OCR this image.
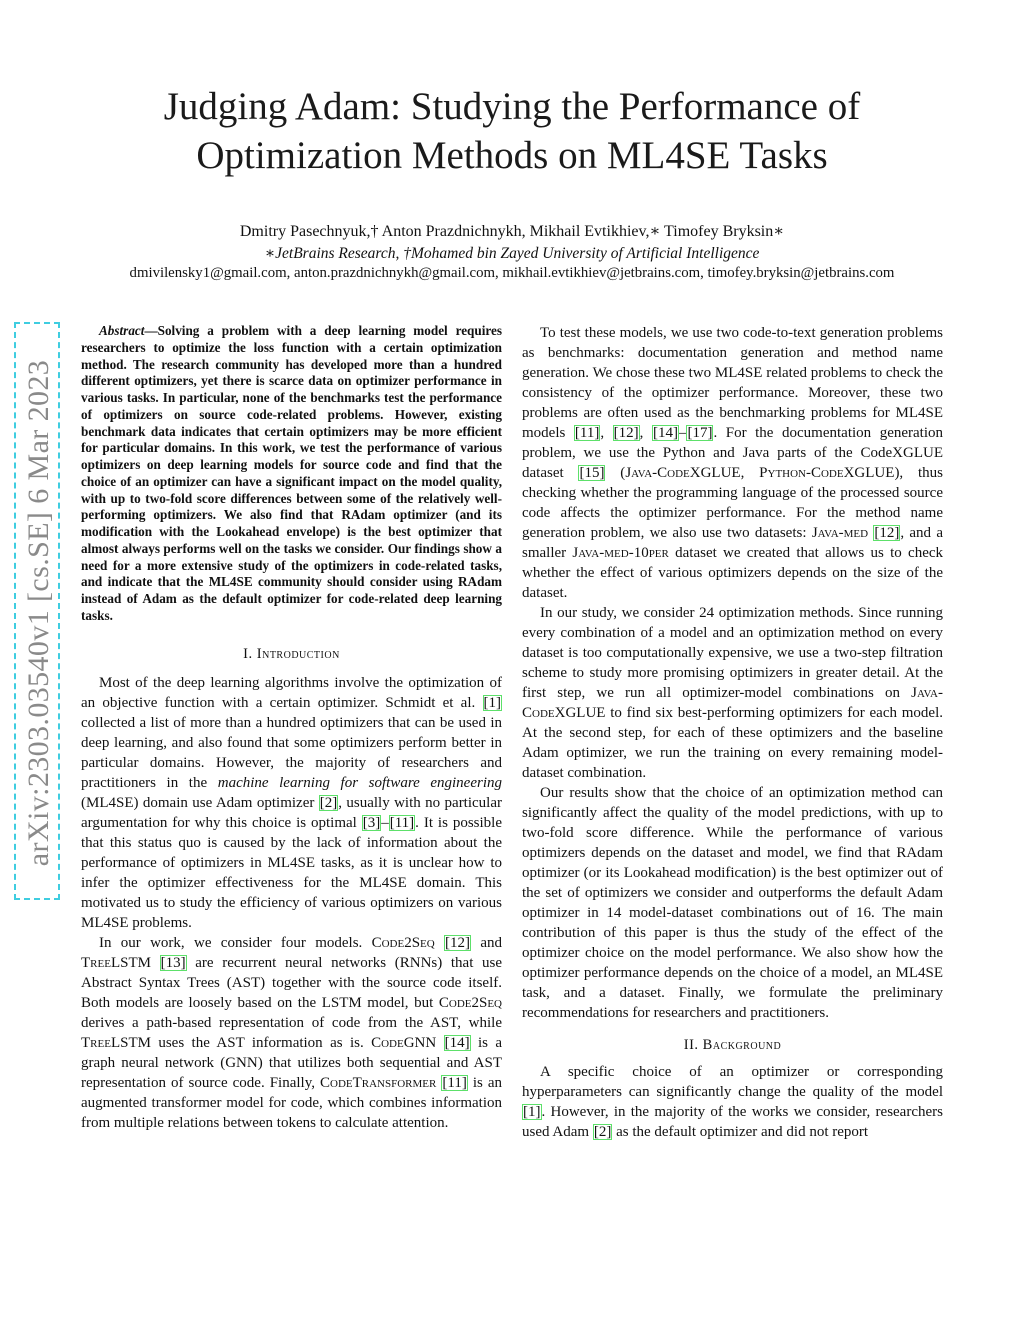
Judging Adam: Studying the Performance of
Optimization Methods on ML4SE Tasks
Dmitry Pasechnyuk,† Anton Prazdnichnykh, Mikhail Evtikhiev,∗ Timofey Bryksin∗
∗JetBrains Research, †Mohamed bin Zayed University of Artificial Intelligence
dmivilensky1@gmail.com, anton.prazdnichnykh@gmail.com, mikhail.evtikhiev@jetbrains.com, timofey.bryksin@jetbrains.com
arXiv:2303.03540v1 [cs.SE] 6 Mar 2023
Abstract—Solving a problem with a deep learning model requires researchers to optimize the loss function with a certain optimization method. The research community has developed more than a hundred different optimizers, yet there is scarce data on optimizer performance in various tasks. In particular, none of the benchmarks test the performance of optimizers on source code-related problems. However, existing benchmark data indicates that certain optimizers may be more efficient for particular domains. In this work, we test the performance of various optimizers on deep learning models for source code and find that the choice of an optimizer can have a significant impact on the model quality, with up to two-fold score differences between some of the relatively well-performing optimizers. We also find that RAdam optimizer (and its modification with the Lookahead envelope) is the best optimizer that almost always performs well on the tasks we consider. Our findings show a need for a more extensive study of the optimizers in code-related tasks, and indicate that the ML4SE community should consider using RAdam instead of Adam as the default optimizer for code-related deep learning tasks.

I. Introduction

Most of the deep learning algorithms involve the optimization of an objective function with a certain optimizer. Schmidt et al. [1] collected a list of more than a hundred optimizers that can be used in deep learning, and also found that some optimizers perform better in particular domains. However, the majority of researchers and practitioners in the machine learning for software engineering (ML4SE) domain use Adam optimizer [2], usually with no particular argumentation for why this choice is optimal [3]–[11]. It is possible that this status quo is caused by the lack of information about the performance of optimizers in ML4SE tasks, as it is unclear how to infer the optimizer effectiveness for the ML4SE domain. This motivated us to study the efficiency of various optimizers on various ML4SE problems.

In our work, we consider four models. Code2Seq [12] and TreeLSTM [13] are recurrent neural networks (RNNs) that use Abstract Syntax Trees (AST) together with the source code itself. Both models are loosely based on the LSTM model, but Code2Seq derives a path-based representation of code from the AST, while TreeLSTM uses the AST information as is. CodeGNN [14] is a graph neural network (GNN) that utilizes both sequential and AST representation of source code. Finally, CodeTransformer [11] is an augmented transformer model for code, which combines information from multiple relations between tokens to calculate attention.

To test these models, we use two code-to-text generation problems as benchmarks: documentation generation and method name generation. We chose these two ML4SE related problems to check the consistency of the optimizer performance. Moreover, these two problems are often used as the benchmarking problems for ML4SE models [11], [12], [14]–[17]. For the documentation generation problem, we use the Python and Java parts of the CodeXGLUE dataset [15] (Java-CodeXGLUE, Python-CodeXGLUE), thus checking whether the programming language of the processed source code affects the optimizer performance. For the method name generation problem, we also use two datasets: Java-med [12], and a smaller Java-med-10per dataset we created that allows us to check whether the effect of various optimizers depends on the size of the dataset.

In our study, we consider 24 optimization methods. Since running every combination of a model and an optimization method on every dataset is too computationally expensive, we use a two-step filtration scheme to study more promising optimizers in greater detail. At the first step, we run all optimizer-model combinations on Java-CodeXGLUE to find six best-performing optimizers for each model. At the second step, for each of these optimizers and the baseline Adam optimizer, we run the training on every remaining model-dataset combination.

Our results show that the choice of an optimization method can significantly affect the quality of the model predictions, with up to two-fold score difference. While the performance of various optimizers depends on the dataset and model, we find that RAdam optimizer (or its Lookahead modification) is the best optimizer out of the set of optimizers we consider and outperforms the default Adam optimizer in 14 model-dataset combinations out of 16. The main contribution of this paper is thus the study of the effect of the optimizer choice on the model performance. We also show how the optimizer performance depends on the choice of a model, an ML4SE task, and a dataset. Finally, we formulate the preliminary recommendations for researchers and practitioners.

II. Background

A specific choice of an optimizer or corresponding hyperparameters can significantly change the quality of the model [1]. However, in the majority of the works we consider, researchers used Adam [2] as the default optimizer and did not report
